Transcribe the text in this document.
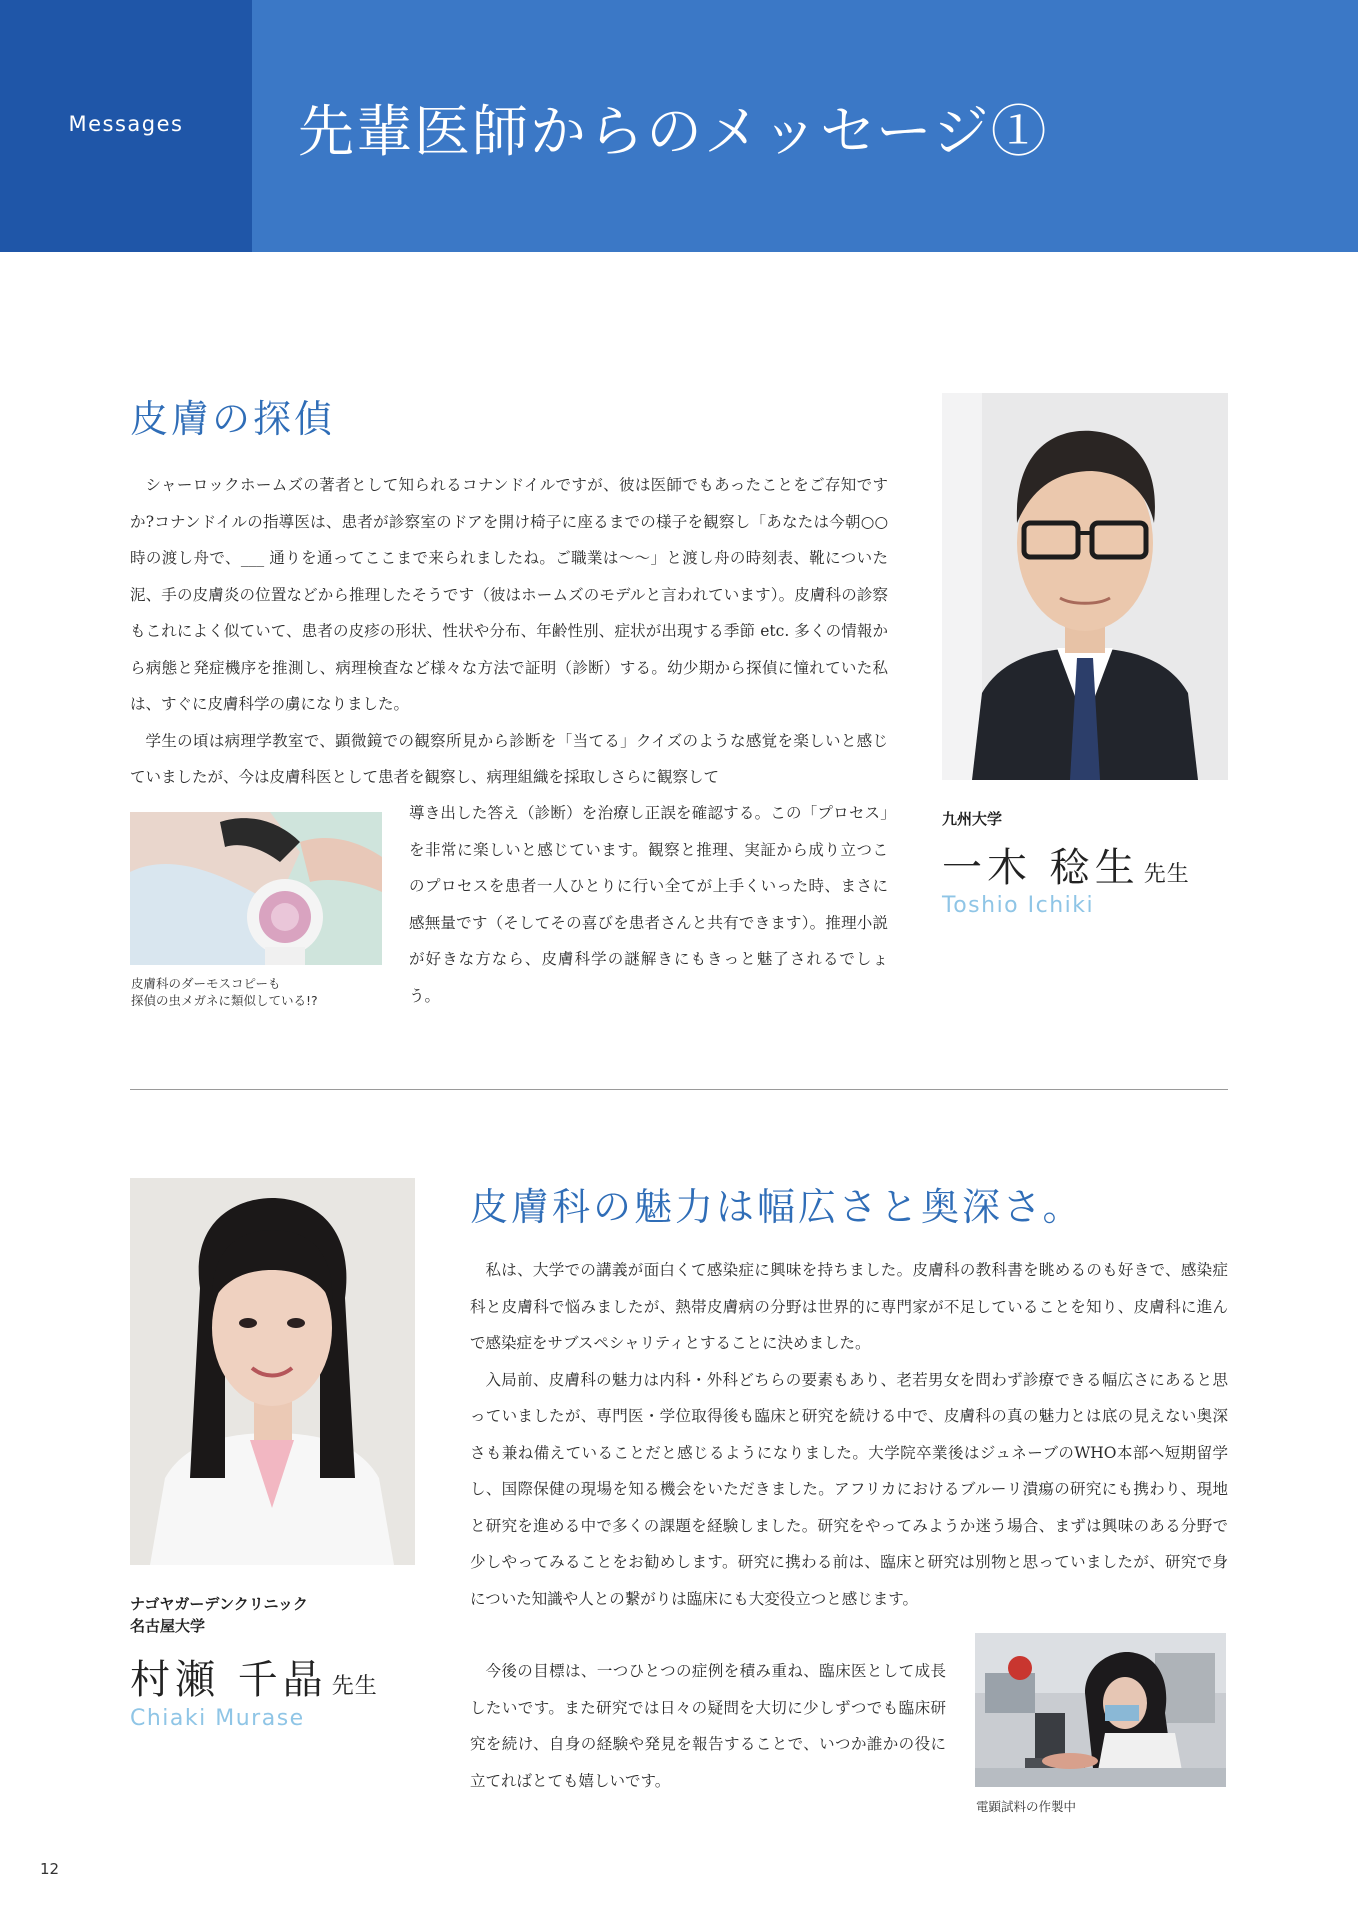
Messages	先輩医師からのメッセージ①
皮膚の探偵

シャーロックホームズの著者として知られるコナンドイルですが、彼は医師でもあったことをご存知ですか?コナンドイルの指導医は、患者が診察室のドアを開け椅子に座るまでの様子を観察し「あなたは今朝○○時の渡し舟で、___ 通りを通ってここまで来られましたね。ご職業は～～」と渡し舟の時刻表、靴についた泥、手の皮膚炎の位置などから推理したそうです（彼はホームズのモデルと言われています）。皮膚科の診察もこれによく似ていて、患者の皮疹の形状、性状や分布、年齢性別、症状が出現する季節 etc. 多くの情報から病態と発症機序を推測し、病理検査など様々な方法で証明（診断）する。幼少期から探偵に憧れていた私は、すぐに皮膚科学の虜になりました。

学生の頃は病理学教室で、顕微鏡での観察所見から診断を「当てる」クイズのような感覚を楽しいと感じていましたが、今は皮膚科医として患者を観察し、病理組織を採取しさらに観察して

導き出した答え（診断）を治療し正誤を確認する。この「プロセス」を非常に楽しいと感じています。観察と推理、実証から成り立つこのプロセスを患者一人ひとりに行い全てが上手くいった時、まさに感無量です（そしてその喜びを患者さんと共有できます）。推理小説が好きな方なら、皮膚科学の謎解きにもきっと魅了されるでしょう。
皮膚科のダーモスコピーも
探偵の虫メガネに類似している!?
九州大学
一木 稔生 先生
Toshio Ichiki
ナゴヤガーデンクリニック
名古屋大学
村瀬 千晶 先生
Chiaki Murase
皮膚科の魅力は幅広さと奥深さ。

私は、大学での講義が面白くて感染症に興味を持ちました。皮膚科の教科書を眺めるのも好きで、感染症科と皮膚科で悩みましたが、熱帯皮膚病の分野は世界的に専門家が不足していることを知り、皮膚科に進んで感染症をサブスペシャリティとすることに決めました。

入局前、皮膚科の魅力は内科・外科どちらの要素もあり、老若男女を問わず診療できる幅広さにあると思っていましたが、専門医・学位取得後も臨床と研究を続ける中で、皮膚科の真の魅力とは底の見えない奥深さも兼ね備えていることだと感じるようになりました。大学院卒業後はジュネーブのWHO本部へ短期留学し、国際保健の現場を知る機会をいただきました。アフリカにおけるブルーリ潰瘍の研究にも携わり、現地と研究を進める中で多くの課題を経験しました。研究をやってみようか迷う場合、まずは興味のある分野で少しやってみることをお勧めします。研究に携わる前は、臨床と研究は別物と思っていましたが、研究で身についた知識や人との繋がりは臨床にも大変役立つと感じます。

今後の目標は、一つひとつの症例を積み重ね、臨床医として成長したいです。また研究では日々の疑問を大切に少しずつでも臨床研究を続け、自身の経験や発見を報告することで、いつか誰かの役に立てればとても嬉しいです。

電顕試料の作製中
12
